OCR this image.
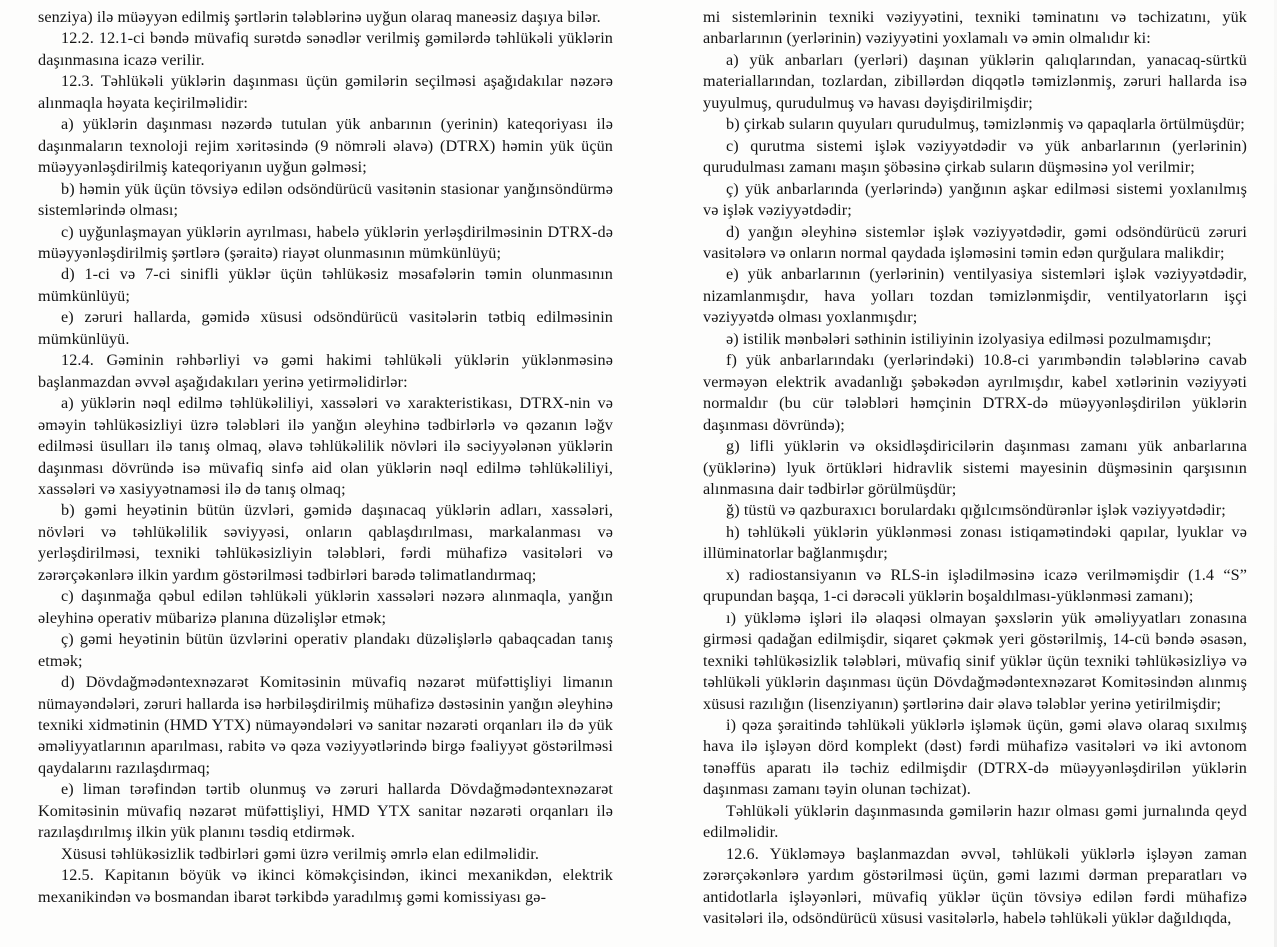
senziya) ilə müəyyən edilmiş şərtlərin tələblərinə uyğun olaraq maneəsiz daşıya bilər.

12.2. 12.1-ci bəndə müvafiq surətdə sənədlər verilmiş gəmilərdə təhlükəli yüklərin daşınmasına icazə verilir.

12.3. Təhlükəli yüklərin daşınması üçün gəmilərin seçilməsi aşağıdakılar nəzərə alınmaqla həyata keçirilməlidir:

a) yüklərin daşınması nəzərdə tutulan yük anbarının (yerinin) kateqoriyası ilə daşınmaların texnoloji rejim xəritəsində (9 nömrəli əlavə) (DTRX) həmin yük üçün müəyyənləşdirilmiş kateqoriyanın uyğun gəlməsi;

b) həmin yük üçün tövsiyə edilən odsöndürücü vasitənin stasionar yanğınsöndürmə sistemlərində olması;

c) uyğunlaşmayan yüklərin ayrılması, habelə yüklərin yerləşdirilməsinin DTRX-də müəyyənləşdirilmiş şərtlərə (şəraitə) riayət olunmasının mümkünlüyü;

d) 1-ci və 7-ci sinifli yüklər üçün təhlükəsiz məsafələrin təmin olunmasının mümkünlüyü;

e) zəruri hallarda, gəmidə xüsusi odsöndürücü vasitələrin tətbiq edilməsinin mümkünlüyü.

12.4. Gəminin rəhbərliyi və gəmi hakimi təhlükəli yüklərin yüklənməsinə başlanmazdan əvvəl aşağıdakıları yerinə yetirməlidirlər:

a) yüklərin nəql edilmə təhlükəliliyi, xassələri və xarakteristikası, DTRX-nin və əməyin təhlükəsizliyi üzrə tələbləri ilə yanğın əleyhinə tədbirlərlə və qəzanın ləğv edilməsi üsulları ilə tanış olmaq, əlavə təhlükəlilik növləri ilə səciyyələnən yüklərin daşınması dövründə isə müvafiq sinfə aid olan yüklərin nəql edilmə təhlükəliliyi, xassələri və xasiyyətnaməsi ilə də tanış olmaq;

b) gəmi heyətinin bütün üzvləri, gəmidə daşınacaq yüklərin adları, xassələri, növləri və təhlükəlilik səviyyəsi, onların qablaşdırılması, markalanması və yerləşdirilməsi, texniki təhlükəsizliyin tələbləri, fərdi mühafizə vasitələri və zərərçəkənlərə ilkin yardım göstərilməsi tədbirləri barədə təlimatlandırmaq;

c) daşınmağa qəbul edilən təhlükəli yüklərin xassələri nəzərə alınmaqla, yanğın əleyhinə operativ mübarizə planına düzəlişlər etmək;

ç) gəmi heyətinin bütün üzvlərini operativ plandakı düzəlişlərlə qabaqcadan tanış etmək;

d) Dövdağmədəntexnəzarət Komitəsinin müvafiq nəzarət müfəttişliyi limanın nümayəndələri, zəruri hallarda isə hərbiləşdirilmiş mühafizə dəstəsinin yanğın əleyhinə texniki xidmətinin (HMD YTX) nümayəndələri və sanitar nəzarəti orqanları ilə də yük əməliyyatlarının aparılması, rabitə və qəza vəziyyətlərində birgə fəaliyyət göstərilməsi qaydalarını razılaşdırmaq;

e) liman tərəfindən tərtib olunmuş və zəruri hallarda Dövdağmədəntexnəzarət Komitəsinin müvafiq nəzarət müfəttişliyi, HMD YTX sanitar nəzarəti orqanları ilə razılaşdırılmış ilkin yük planını təsdiq etdirmək.

Xüsusi təhlükəsizlik tədbirləri gəmi üzrə verilmiş əmrlə elan edilməlidir.

12.5. Kapitanın böyük və ikinci köməkçisindən, ikinci mexanikdən, elektrik mexanikindən və bosmandan ibarət tərkibdə yaradılmış gəmi komissiyası gə-

mi sistemlərinin texniki vəziyyətini, texniki təminatını və təchizatını, yük anbarlarının (yerlərinin) vəziyyətini yoxlamalı və əmin olmalıdır ki:

a) yük anbarları (yerləri) daşınan yüklərin qalıqlarından, yanacaq-sürtkü materiallarından, tozlardan, zibillərdən diqqətlə təmizlənmiş, zəruri hallarda isə yuyulmuş, qurudulmuş və havası dəyişdirilmişdir;

b) çirkab suların quyuları qurudulmuş, təmizlənmiş və qapaqlarla örtülmüşdür;

c) qurutma sistemi işlək vəziyyətdədir və yük anbarlarının (yerlərinin) qurudulması zamanı maşın şöbəsinə çirkab suların düşməsinə yol verilmir;

ç) yük anbarlarında (yerlərində) yanğının aşkar edilməsi sistemi yoxlanılmış və işlək vəziyyətdədir;

d) yanğın əleyhinə sistemlər işlək vəziyyətdədir, gəmi odsöndürücü zəruri vasitələrə və onların normal qaydada işləməsini təmin edən qurğulara malikdir;

e) yük anbarlarının (yerlərinin) ventilyasiya sistemləri işlək vəziyyətdədir, nizamlanmışdır, hava yolları tozdan təmizlənmişdir, ventilyatorların işçi vəziyyətdə olması yoxlanmışdır;

ə) istilik mənbələri səthinin istiliyinin izolyasiya edilməsi pozulmamışdır;

f) yük anbarlarındakı (yerlərindəki) 10.8-ci yarımbəndin tələblərinə cavab verməyən elektrik avadanlığı şəbəkədən ayrılmışdır, kabel xətlərinin vəziyyəti normaldır (bu cür tələbləri həmçinin DTRX-də müəyyənləşdirilən yüklərin daşınması dövründə);

g) lifli yüklərin və oksidləşdiricilərin daşınması zamanı yük anbarlarına (yüklərinə) lyuk örtükləri hidravlik sistemi mayesinin düşməsinin qarşısının alınmasına dair tədbirlər görülmüşdür;

ğ) tüstü və qazburaxıcı borulardakı qığılcımsöndürənlər işlək vəziyyətdədir;

h) təhlükəli yüklərin yüklənməsi zonası istiqamətindəki qapılar, lyuklar və illüminatorlar bağlanmışdır;

x) radiostansiyanın və RLS-in işlədilməsinə icazə verilməmişdir (1.4 “S” qrupundan başqa, 1-ci dərəcəli yüklərin boşaldılması-yüklənməsi zamanı);

ı) yükləmə işləri ilə əlaqəsi olmayan şəxslərin yük əməliyyatları zonasına girməsi qadağan edilmişdir, siqaret çəkmək yeri göstərilmiş, 14-cü bəndə əsasən, texniki təhlükəsizlik tələbləri, müvafiq sinif yüklər üçün texniki təhlükəsizliyə və təhlükəli yüklərin daşınması üçün Dövdağmədəntexnəzarət Komitəsindən alınmış xüsusi razılığın (lisenziyanın) şərtlərinə dair əlavə tələblər yerinə yetirilmişdir;

i) qəza şəraitində təhlükəli yüklərlə işləmək üçün, gəmi əlavə olaraq sıxılmış hava ilə işləyən dörd komplekt (dəst) fərdi mühafizə vasitələri və iki avtonom tənəffüs aparatı ilə təchiz edilmişdir (DTRX-də müəyyənləşdirilən yüklərin daşınması zamanı təyin olunan təchizat).

Təhlükəli yüklərin daşınmasında gəmilərin hazır olması gəmi jurnalında qeyd edilməlidir.

12.6. Yükləməyə başlanmazdan əvvəl, təhlükəli yüklərlə işləyən zaman zərərçəkənlərə yardım göstərilməsi üçün, gəmi lazımi dərman preparatları və antidotlarla işləyənləri, müvafiq yüklər üçün tövsiyə edilən fərdi mühafizə vasitələri ilə, odsöndürücü xüsusi vasitələrlə, habelə təhlükəli yüklər dağıldıqda,
